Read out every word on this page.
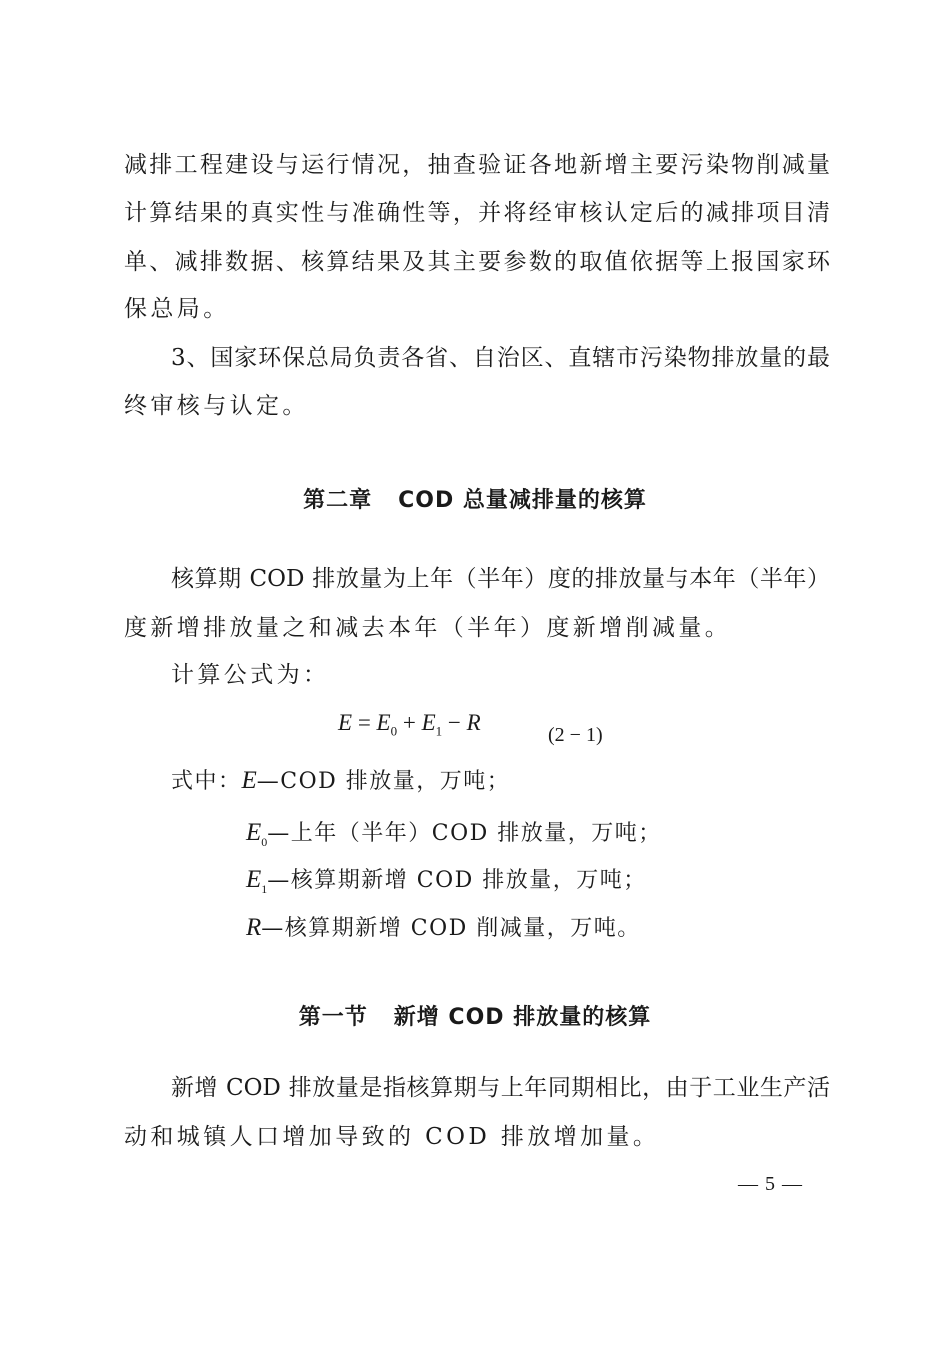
减排工程建设与运行情况，抽查验证各地新增主要污染物削减量
计算结果的真实性与准确性等，并将经审核认定后的减排项目清
单、减排数据、核算结果及其主要参数的取值依据等上报国家环
保总局。
3、国家环保总局负责各省、自治区、直辖市污染物排放量的最
终审核与认定。
第二章   COD 总量减排量的核算
核算期 COD 排放量为上年（半年）度的排放量与本年（半年）
度新增排放量之和减去本年（半年）度新增削减量。
计算公式为：
$E = E_0 + E_1 - R$	(2 − 1)
式中：E—COD 排放量，万吨；
$E_0—$上年（半年）COD 排放量，万吨；
$E_1—$核算期新增 COD 排放量，万吨；
R—核算期新增 COD 削减量，万吨。
第一节   新增 COD 排放量的核算
新增 COD 排放量是指核算期与上年同期相比，由于工业生产活
动和城镇人口增加导致的 COD 排放增加量。
— 5 —
